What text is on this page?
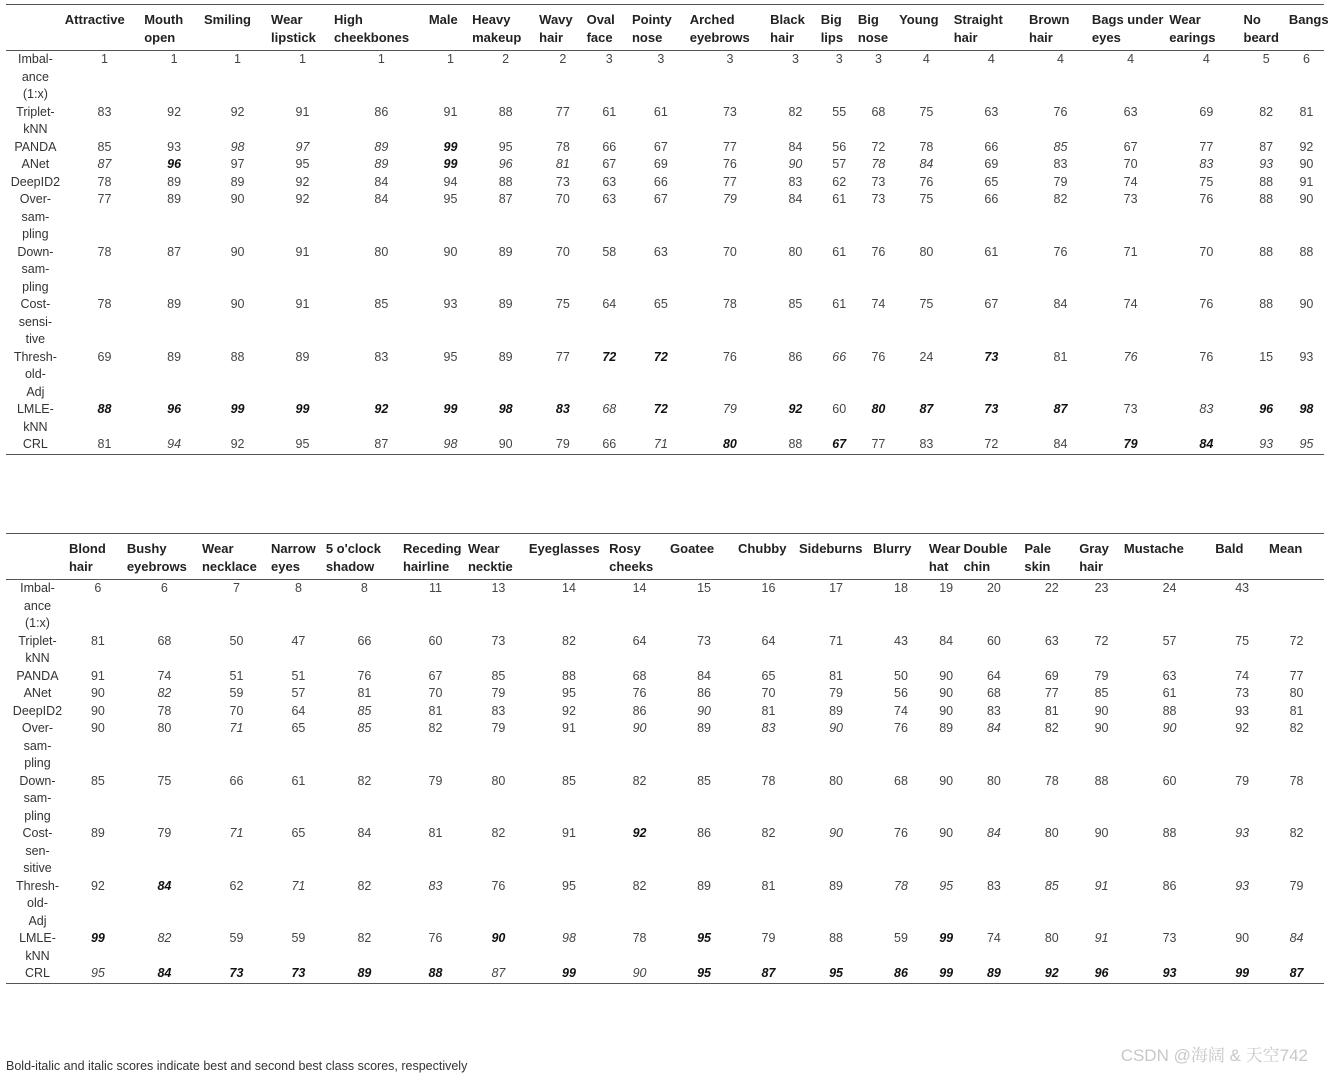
	Attractive	Mouth open	Smiling	Wear lipstick	High cheekbones	Male	Heavy makeup	Wavy hair	Oval face	Pointy nose	Arched eyebrows	Black hair	Big lips	Big nose	Young	Straight hair	Brown hair	Bags under eyes	Wear earings	No beard	Bangs
Imbal-
ance
(1:x)	1	1	1	1	1	1	2	2	3	3	3	3	3	3	4	4	4	4	4	5	6
Triplet-
kNN	83	92	92	91	86	91	88	77	61	61	73	82	55	68	75	63	76	63	69	82	81
PANDA	85	93	98	97	89	99	95	78	66	67	77	84	56	72	78	66	85	67	77	87	92
ANet	87	96	97	95	89	99	96	81	67	69	76	90	57	78	84	69	83	70	83	93	90
DeepID2	78	89	89	92	84	94	88	73	63	66	77	83	62	73	76	65	79	74	75	88	91
Over-
sam-
pling	77	89	90	92	84	95	87	70	63	67	79	84	61	73	75	66	82	73	76	88	90
Down-
sam-
pling	78	87	90	91	80	90	89	70	58	63	70	80	61	76	80	61	76	71	70	88	88
Cost-
sensi-
tive	78	89	90	91	85	93	89	75	64	65	78	85	61	74	75	67	84	74	76	88	90
Thresh-
old-
Adj	69	89	88	89	83	95	89	77	72	72	76	86	66	76	24	73	81	76	76	15	93
LMLE-
kNN	88	96	99	99	92	99	98	83	68	72	79	92	60	80	87	73	87	73	83	96	98
CRL	81	94	92	95	87	98	90	79	66	71	80	88	67	77	83	72	84	79	84	93	95
	Blond hair	Bushy eyebrows	Wear necklace	Narrow eyes	5 o'clock shadow	Receding hairline	Wear necktie	Eyeglasses	Rosy cheeks	Goatee	Chubby	Sideburns	Blurry	Wear hat	Double chin	Pale skin	Gray hair	Mustache	Bald	Mean
Imbal-
ance
(1:x)	6	6	7	8	8	11	13	14	14	15	16	17	18	19	20	22	23	24	43	
Triplet-
kNN	81	68	50	47	66	60	73	82	64	73	64	71	43	84	60	63	72	57	75	72
PANDA	91	74	51	51	76	67	85	88	68	84	65	81	50	90	64	69	79	63	74	77
ANet	90	82	59	57	81	70	79	95	76	86	70	79	56	90	68	77	85	61	73	80
DeepID2	90	78	70	64	85	81	83	92	86	90	81	89	74	90	83	81	90	88	93	81
Over-
sam-
pling	90	80	71	65	85	82	79	91	90	89	83	90	76	89	84	82	90	90	92	82
Down-
sam-
pling	85	75	66	61	82	79	80	85	82	85	78	80	68	90	80	78	88	60	79	78
Cost-
sen-
sitive	89	79	71	65	84	81	82	91	92	86	82	90	76	90	84	80	90	88	93	82
Thresh-
old-
Adj	92	84	62	71	82	83	76	95	82	89	81	89	78	95	83	85	91	86	93	79
LMLE-
kNN	99	82	59	59	82	76	90	98	78	95	79	88	59	99	74	80	91	73	90	84
CRL	95	84	73	73	89	88	87	99	90	95	87	95	86	99	89	92	96	93	99	87
Bold-italic and italic scores indicate best and second best class scores, respectively
CSDN @海阔 & 天空742
